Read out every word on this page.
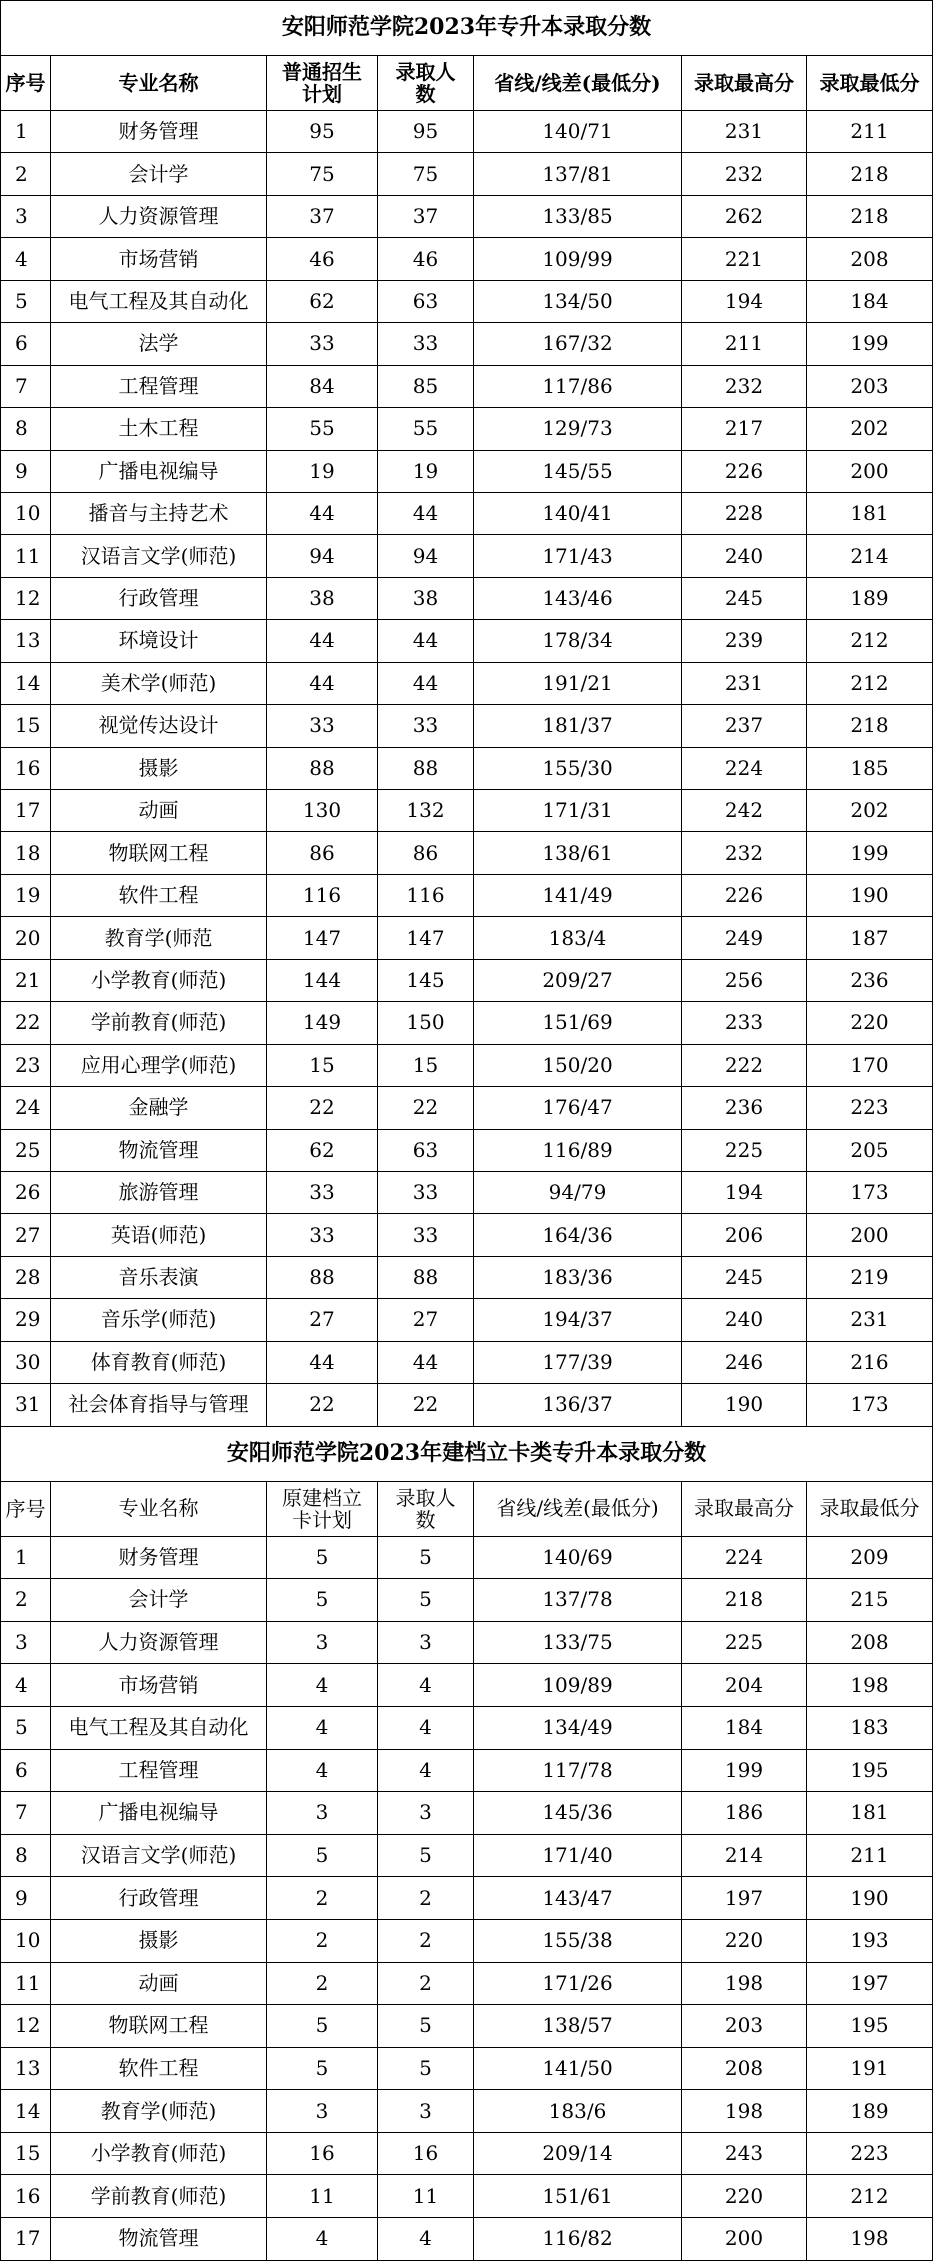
安阳师范学院2023年专升本录取分数						
序号	专业名称	普通招生计划	录取人数	省线/线差(最低分)	录取最高分	录取最低分
1	财务管理	95	95	140/71	231	211
2	会计学	75	75	137/81	232	218
3	人力资源管理	37	37	133/85	262	218
4	市场营销	46	46	109/99	221	208
5	电气工程及其自动化	62	63	134/50	194	184
6	法学	33	33	167/32	211	199
7	工程管理	84	85	117/86	232	203
8	土木工程	55	55	129/73	217	202
9	广播电视编导	19	19	145/55	226	200
10	播音与主持艺术	44	44	140/41	228	181
11	汉语言文学(师范)	94	94	171/43	240	214
12	行政管理	38	38	143/46	245	189
13	环境设计	44	44	178/34	239	212
14	美术学(师范)	44	44	191/21	231	212
15	视觉传达设计	33	33	181/37	237	218
16	摄影	88	88	155/30	224	185
17	动画	130	132	171/31	242	202
18	物联网工程	86	86	138/61	232	199
19	软件工程	116	116	141/49	226	190
20	教育学(师范	147	147	183/4	249	187
21	小学教育(师范)	144	145	209/27	256	236
22	学前教育(师范)	149	150	151/69	233	220
23	应用心理学(师范)	15	15	150/20	222	170
24	金融学	22	22	176/47	236	223
25	物流管理	62	63	116/89	225	205
26	旅游管理	33	33	94/79	194	173
27	英语(师范)	33	33	164/36	206	200
28	音乐表演	88	88	183/36	245	219
29	音乐学(师范)	27	27	194/37	240	231
30	体育教育(师范)	44	44	177/39	246	216
31	社会体育指导与管理	22	22	136/37	190	173
安阳师范学院2023年建档立卡类专升本录取分数						
序号	专业名称	原建档立卡计划	录取人数	省线/线差(最低分)	录取最高分	录取最低分
1	财务管理	5	5	140/69	224	209
2	会计学	5	5	137/78	218	215
3	人力资源管理	3	3	133/75	225	208
4	市场营销	4	4	109/89	204	198
5	电气工程及其自动化	4	4	134/49	184	183
6	工程管理	4	4	117/78	199	195
7	广播电视编导	3	3	145/36	186	181
8	汉语言文学(师范)	5	5	171/40	214	211
9	行政管理	2	2	143/47	197	190
10	摄影	2	2	155/38	220	193
11	动画	2	2	171/26	198	197
12	物联网工程	5	5	138/57	203	195
13	软件工程	5	5	141/50	208	191
14	教育学(师范)	3	3	183/6	198	189
15	小学教育(师范)	16	16	209/14	243	223
16	学前教育(师范)	11	11	151/61	220	212
17	物流管理	4	4	116/82	200	198
